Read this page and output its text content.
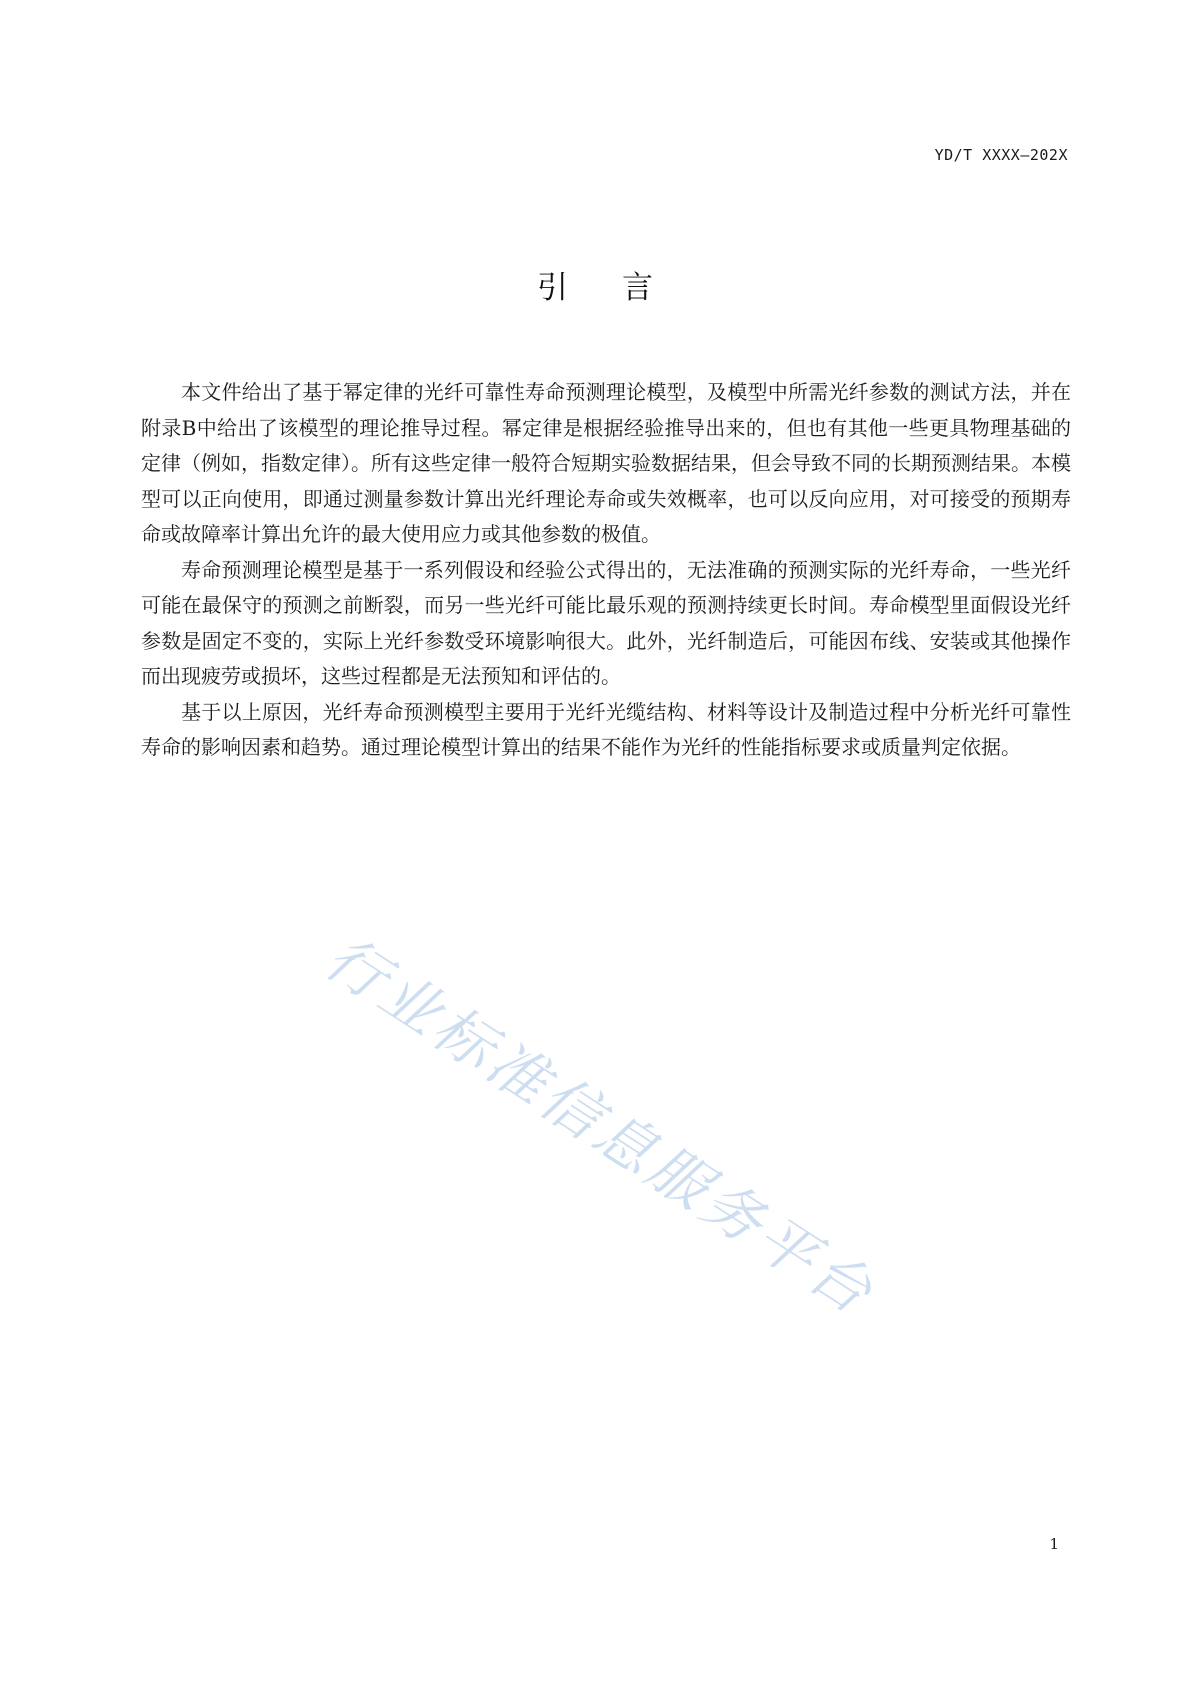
YD/T XXXX—202X
引言

本文件给出了基于幂定律的光纤可靠性寿命预测理论模型，及模型中所需光纤参数的测试方法，并在附录B中给出了该模型的理论推导过程。幂定律是根据经验推导出来的，但也有其他一些更具物理基础的定律（例如，指数定律）。所有这些定律一般符合短期实验数据结果，但会导致不同的长期预测结果。本模型可以正向使用，即通过测量参数计算出光纤理论寿命或失效概率，也可以反向应用，对可接受的预期寿命或故障率计算出允许的最大使用应力或其他参数的极值。

寿命预测理论模型是基于一系列假设和经验公式得出的，无法准确的预测实际的光纤寿命，一些光纤可能在最保守的预测之前断裂，而另一些光纤可能比最乐观的预测持续更长时间。寿命模型里面假设光纤参数是固定不变的，实际上光纤参数受环境影响很大。此外，光纤制造后，可能因布线、安装或其他操作而出现疲劳或损坏，这些过程都是无法预知和评估的。

基于以上原因，光纤寿命预测模型主要用于光纤光缆结构、材料等设计及制造过程中分析光纤可靠性寿命的影响因素和趋势。通过理论模型计算出的结果不能作为光纤的性能指标要求或质量判定依据。

行业标准信息服务平台
1
